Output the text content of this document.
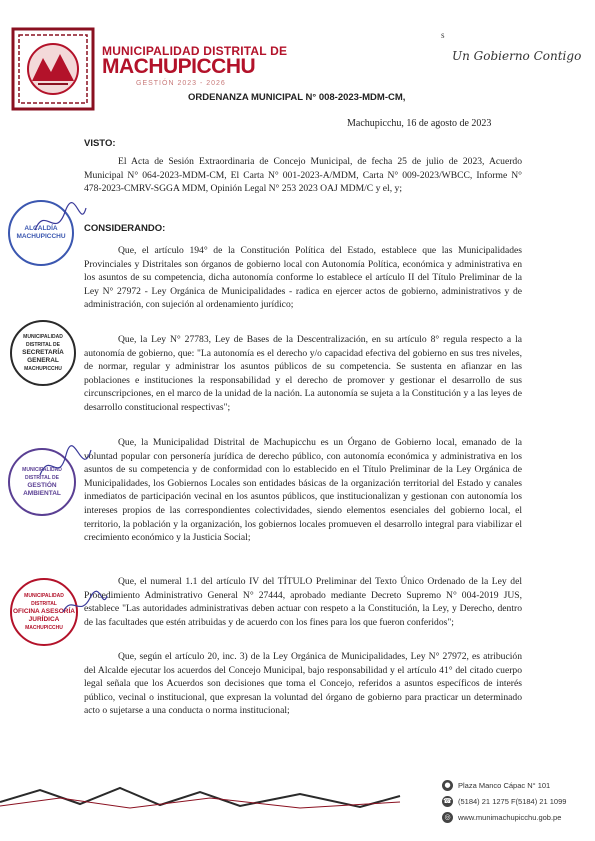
MUNICIPALIDAD DISTRITAL DE
MACHUPICCHU
GESTIÓN 2023 - 2026
s
Un Gobierno Contigo
ORDENANZA MUNICIPAL N° 008-2023-MDM-CM,
Machupicchu, 16 de agosto de 2023
VISTO:

El Acta de Sesión Extraordinaria de Concejo Municipal, de fecha 25 de julio de 2023, Acuerdo Municipal N° 064-2023-MDM-CM, El Carta N° 001-2023-A/MDM, Carta N° 009-2023/WBCC, Informe N° 478-2023-CMRV-SGGA MDM, Opinión Legal N° 253 2023 OAJ MDM/C y el, y;

CONSIDERANDO:

Que, el artículo 194° de la Constitución Política del Estado, establece que las Municipalidades Provinciales y Distritales son órganos de gobierno local con Autonomía Política, económica y administrativa en los asuntos de su competencia, dicha autonomía conforme lo establece el artículo II del Título Preliminar de la Ley N° 27972 - Ley Orgánica de Municipalidades - radica en ejercer actos de gobierno, administrativos y de administración, con sujeción al ordenamiento jurídico;

Que, la Ley N° 27783, Ley de Bases de la Descentralización, en su artículo 8° regula respecto a la autonomía de gobierno, que: "La autonomía es el derecho y/o capacidad efectiva del gobierno en sus tres niveles, de normar, regular y administrar los asuntos públicos de su competencia. Se sustenta en afianzar en las poblaciones e instituciones la responsabilidad y el derecho de promover y gestionar el desarrollo de sus circunscripciones, en el marco de la unidad de la nación. La autonomía se sujeta a la Constitución y a las leyes de desarrollo constitucional respectivas";

Que, la Municipalidad Distrital de Machupicchu es un Órgano de Gobierno local, emanado de la voluntad popular con personería jurídica de derecho público, con autonomía económica y administrativa en los asuntos de su competencia y de conformidad con lo establecido en el Título Preliminar de la Ley Orgánica de Municipalidades, los Gobiernos Locales son entidades básicas de la organización territorial del Estado y canales inmediatos de participación vecinal en los asuntos públicos, que institucionalizan y gestionan con autonomía los intereses propios de las correspondientes colectividades, siendo elementos esenciales del gobierno local, el territorio, la población y la organización, los gobiernos locales promueven el desarrollo integral para viabilizar el crecimiento económico y la Justicia Social;

Que, el numeral 1.1 del artículo IV del TÍTULO Preliminar del Texto Único Ordenado de la Ley del Procedimiento Administrativo General N° 27444, aprobado mediante Decreto Supremo N° 004-2019 JUS, establece "Las autoridades administrativas deben actuar con respeto a la Constitución, la Ley, y Derecho, dentro de las facultades que estén atribuidas y de acuerdo con los fines para los que fueron conferidos";

Que, según el artículo 20, inc. 3) de la Ley Orgánica de Municipalidades, Ley N° 27972, es atribución del Alcalde ejecutar los acuerdos del Concejo Municipal, bajo responsabilidad y el artículo 41° del citado cuerpo legal señala que los Acuerdos son decisiones que toma el Concejo, referidos a asuntos específicos de interés público, vecinal o institucional, que expresan la voluntad del órgano de gobierno para practicar un determinado acto o sujetarse a una conducta o norma institucional;

ALCALDÍA MACHUPICCHU
MUNICIPALIDAD DISTRITAL DE
SECRETARÍA GENERAL
MACHUPICCHU
MUNICIPALIDAD DISTRITAL DE
GESTIÓN AMBIENTAL
MUNICIPALIDAD DISTRITAL
OFICINA ASESORÍA JURÍDICA
MACHUPICCHU
● Plaza Manco Cápac N° 101
☎ (5184) 21 1275 F(5184) 21 1099
◎ www.munimachupicchu.gob.pe
